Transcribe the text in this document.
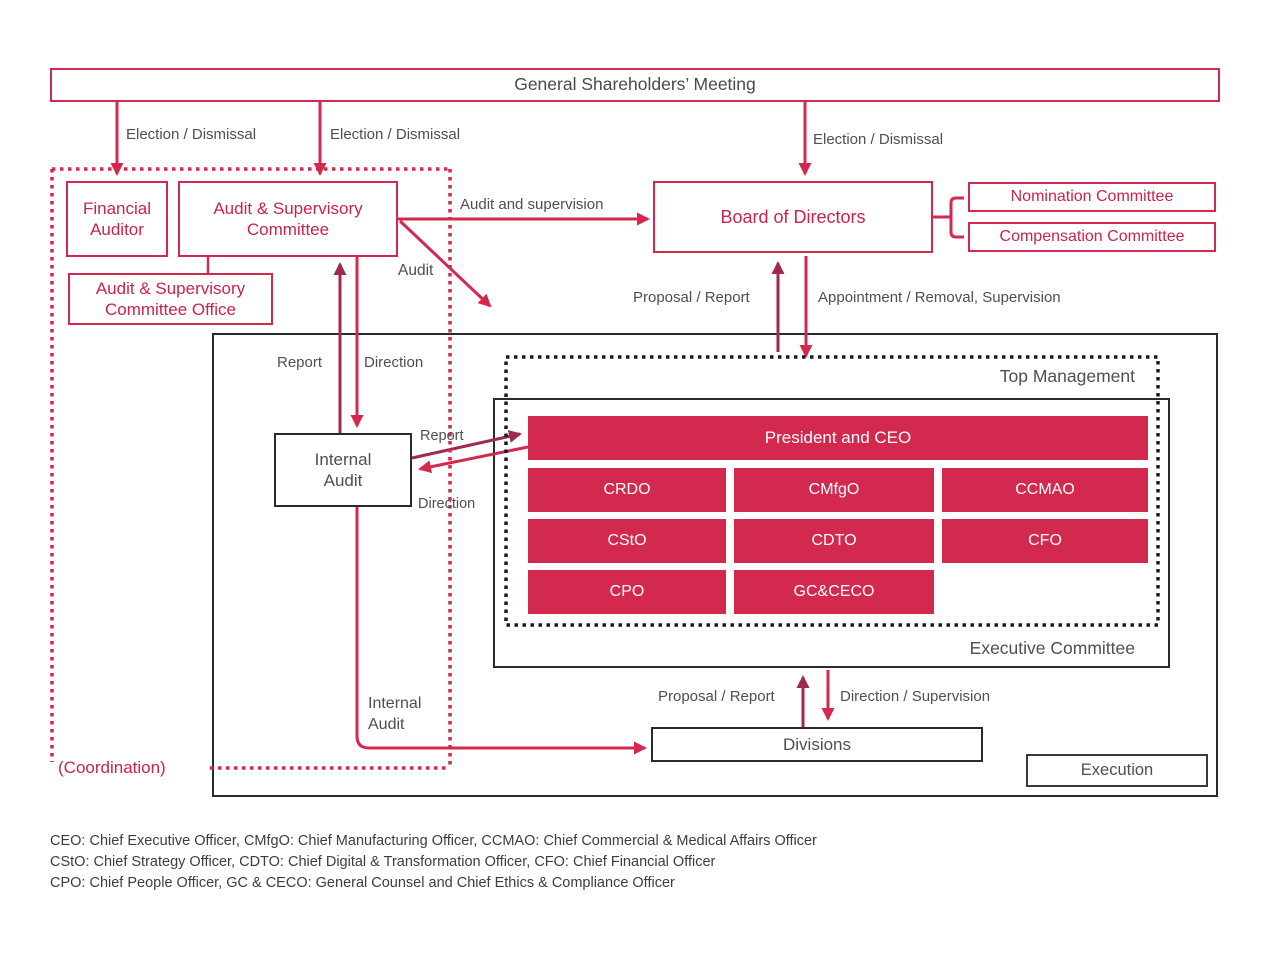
General Shareholders’ Meeting
Financial Auditor
Audit & Supervisory Committee
Audit & Supervisory Committee Office
Board of Directors
Nomination Committee
Compensation Committee
Top Management
Executive Committee
President and CEO
CRDO	CMfgO	CCMAO
CStO	CDTO	CFO
CPO	GC&CECO
Internal Audit
Divisions
Execution
Election / Dismissal	Election / Dismissal	Election / Dismissal
Audit and supervision
Audit
Proposal / Report	Appointment / Removal, Supervision
Report	Direction
Report
Direction
Internal Audit
Proposal / Report	Direction / Supervision
(Coordination)
CEO: Chief Executive Officer, CMfgO: Chief Manufacturing Officer, CCMAO: Chief Commercial & Medical Affairs Officer
CStO: Chief Strategy Officer, CDTO: Chief Digital & Transformation Officer, CFO: Chief Financial Officer
CPO: Chief People Officer, GC & CECO: General Counsel and Chief Ethics & Compliance Officer
